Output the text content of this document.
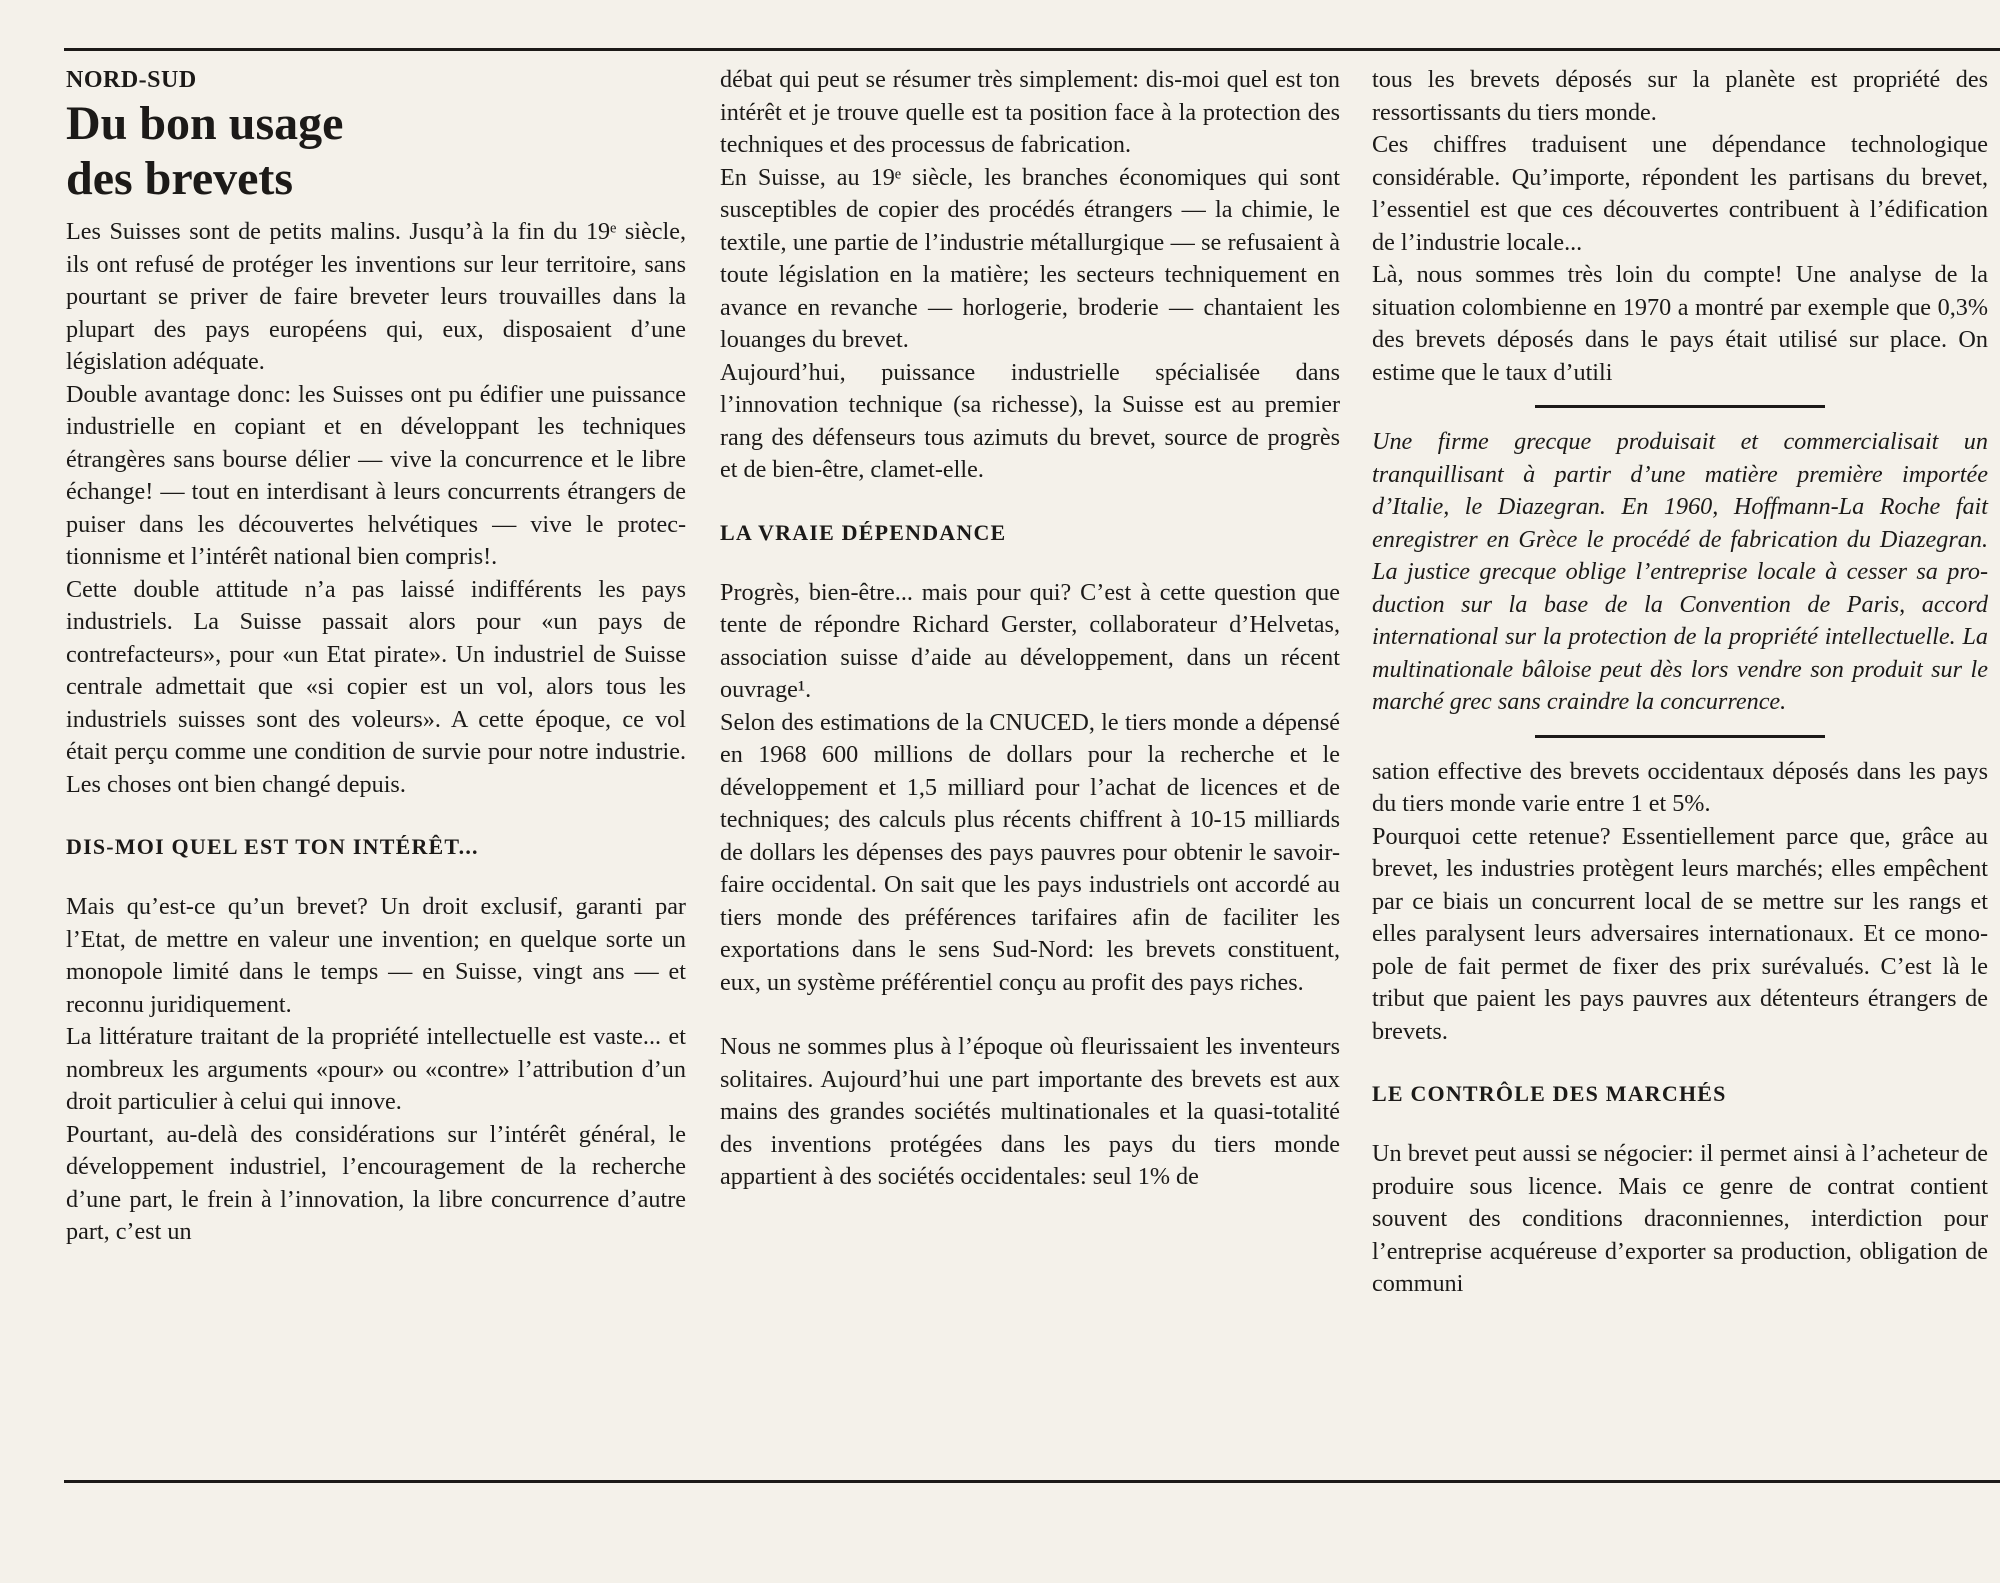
NORD-SUD

Du bon usage
des brevets

Les Suisses sont de petits malins. Jusqu’à la fin du 19ᵉ siècle, ils ont refusé de protéger les inventions sur leur territoire, sans pourtant se priver de faire breveter leurs trouvailles dans la plupart des pays européens qui, eux, disposaient d’une législation adéquate.

Double avantage donc: les Suisses ont pu édifier une puissance industrielle en copiant et en développant les techniques étrangères sans bourse délier — vive la concurrence et le libre échange! — tout en interdisant à leurs concurrents étrangers de puiser dans les découvertes helvétiques — vive le protectionnisme et l’intérêt national bien compris!.

Cette double attitude n’a pas laissé indifférents les pays industriels. La Suisse passait alors pour «un pays de contrefacteurs», pour «un Etat pirate». Un industriel de Suisse centrale admettait que «si copier est un vol, alors tous les industriels suisses sont des voleurs». A cette époque, ce vol était perçu comme une condition de survie pour notre industrie. Les choses ont bien changé depuis.

DIS-MOI QUEL EST TON INTÉRÊT...

Mais qu’est-ce qu’un brevet? Un droit exclusif, garanti par l’Etat, de mettre en valeur une invention; en quelque sorte un monopole limité dans le temps — en Suisse, vingt ans — et reconnu juridiquement.

La littérature traitant de la propriété intellectuelle est vaste... et nombreux les arguments «pour» ou «contre» l’attribution d’un droit particulier à celui qui innove.

Pourtant, au-delà des considérations sur l’intérêt général, le développement industriel, l’encouragement de la recherche d’une part, le frein à l’innovation, la libre concurrence d’autre part, c’est un

débat qui peut se résumer très simplement: dis-moi quel est ton intérêt et je trouve quelle est ta position face à la protection des techniques et des processus de fabrication.

En Suisse, au 19ᵉ siècle, les branches économiques qui sont susceptibles de copier des procédés étrangers — la chimie, le textile, une partie de l’industrie métallurgique — se refusaient à toute législation en la matière; les secteurs techniquement en avance en revanche — horlogerie, broderie — chantaient les louanges du brevet.

Aujourd’hui, puissance industrielle spécialisée dans l’innovation technique (sa richesse), la Suisse est au premier rang des défenseurs tous azimuts du brevet, source de progrès et de bien-être, clamet-elle.

LA VRAIE DÉPENDANCE

Progrès, bien-être... mais pour qui? C’est à cette question que tente de répondre Richard Gerster, collaborateur d’Helvetas, association suisse d’aide au développement, dans un récent ouvrage¹.

Selon des estimations de la CNUCED, le tiers monde a dépensé en 1968 600 millions de dollars pour la recherche et le développement et 1,5 milliard pour l’achat de licences et de techniques; des calculs plus récents chiffrent à 10-15 milliards de dollars les dépenses des pays pauvres pour obtenir le savoir-faire occidental. On sait que les pays industriels ont accordé au tiers monde des préférences tarifaires afin de faciliter les exportations dans le sens Sud-Nord: les brevets constituent, eux, un système préférentiel conçu au profit des pays riches.

Nous ne sommes plus à l’époque où fleurissaient les inventeurs solitaires. Aujourd’hui une part importante des brevets est aux mains des grandes sociétés multinationales et la quasi-totalité des inventions protégées dans les pays du tiers monde appartient à des sociétés occidentales: seul 1% de

tous les brevets déposés sur la planète est propriété des ressortissants du tiers monde.

Ces chiffres traduisent une dépendance technologique considérable. Qu’importe, répondent les partisans du brevet, l’essentiel est que ces découvertes contribuent à l’édification de l’industrie locale...

Là, nous sommes très loin du compte! Une analyse de la situation colombienne en 1970 a montré par exemple que 0,3% des brevets déposés dans le pays était utilisé sur place. On estime que le taux d’utili

Une firme grecque produisait et commercialisait un tranquillisant à partir d’une matière première importée d’Italie, le Diazegran. En 1960, Hoffmann-La Roche fait enregistrer en Grèce le procédé de fabrication du Diazegran. La justice grecque oblige l’entreprise locale à cesser sa production sur la base de la Convention de Paris, accord international sur la protection de la propriété intellectuelle. La multinationale bâloise peut dès lors vendre son produit sur le marché grec sans craindre la concurrence.

sation effective des brevets occidentaux déposés dans les pays du tiers monde varie entre 1 et 5%.

Pourquoi cette retenue? Essentiellement parce que, grâce au brevet, les industries protègent leurs marchés; elles empêchent par ce biais un concurrent local de se mettre sur les rangs et elles paralysent leurs adversaires internationaux. Et ce monopole de fait permet de fixer des prix surévalués. C’est là le tribut que paient les pays pauvres aux détenteurs étrangers de brevets.

LE CONTRÔLE DES MARCHÉS

Un brevet peut aussi se négocier: il permet ainsi à l’acheteur de produire sous licence. Mais ce genre de contrat contient souvent des conditions draconniennes, interdiction pour l’entreprise acquéreuse d’exporter sa production, obligation de communi
